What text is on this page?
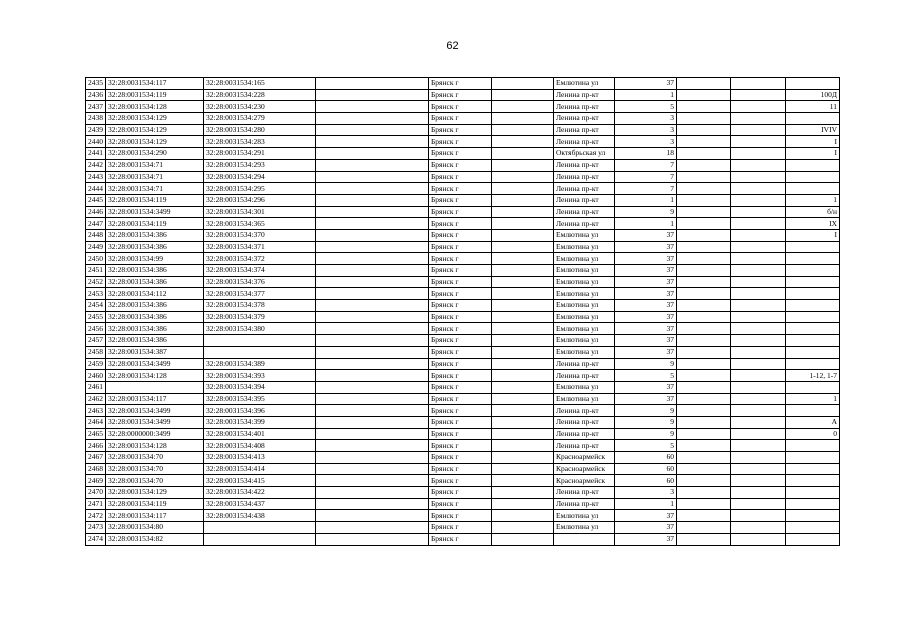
62
2435	32:28:0031534:117	32:28:0031534:165		Брянск г		Емлютина ул	37			
2436	32:28:0031534:119	32:28:0031534:228		Брянск г		Ленина пр-кт	1			100Д
2437	32:28:0031534:128	32:28:0031534:230		Брянск г		Ленина пр-кт	5			11
2438	32:28:0031534:129	32:28:0031534:279		Брянск г		Ленина пр-кт	3			
2439	32:28:0031534:129	32:28:0031534:280		Брянск г		Ленина пр-кт	3			IVIV
2440	32:28:0031534:129	32:28:0031534:283		Брянск г		Ленина пр-кт	3			I
2441	32:28:0031534:290	32:28:0031534:291		Брянск г		Октябрьская ул	18			I
2442	32:28:0031534:71	32:28:0031534:293		Брянск г		Ленина пр-кт	7			
2443	32:28:0031534:71	32:28:0031534:294		Брянск г		Ленина пр-кт	7			
2444	32:28:0031534:71	32:28:0031534:295		Брянск г		Ленина пр-кт	7			
2445	32:28:0031534:119	32:28:0031534:296		Брянск г		Ленина пр-кт	1			1
2446	32:28:0031534:3499	32:28:0031534:301		Брянск г		Ленина пр-кт	9			б/н
2447	32:28:0031534:119	32:28:0031534:365		Брянск г		Ленина пр-кт	1			IX
2448	32:28:0031534:386	32:28:0031534:370		Брянск г		Емлютина ул	37			I
2449	32:28:0031534:386	32:28:0031534:371		Брянск г		Емлютина ул	37			
2450	32:28:0031534:99	32:28:0031534:372		Брянск г		Емлютина ул	37			
2451	32:28:0031534:386	32:28:0031534:374		Брянск г		Емлютина ул	37			
2452	32:28:0031534:386	32:28:0031534:376		Брянск г		Емлютина ул	37			
2453	32:28:0031534:112	32:28:0031534:377		Брянск г		Емлютина ул	37			
2454	32:28:0031534:386	32:28:0031534:378		Брянск г		Емлютина ул	37			
2455	32:28:0031534:386	32:28:0031534:379		Брянск г		Емлютина ул	37			
2456	32:28:0031534:386	32:28:0031534:380		Брянск г		Емлютина ул	37			
2457	32:28:0031534:386			Брянск г		Емлютина ул	37			
2458	32:28:0031534:387			Брянск г		Емлютина ул	37			
2459	32:28:0031534:3499	32:28:0031534:389		Брянск г		Ленина пр-кт	9			
2460	32:28:0031534:128	32:28:0031534:393		Брянск г		Ленина пр-кт	5			1-12, 1-7
2461		32:28:0031534:394		Брянск г		Емлютина ул	37			
2462	32:28:0031534:117	32:28:0031534:395		Брянск г		Емлютина ул	37			1
2463	32:28:0031534:3499	32:28:0031534:396		Брянск г		Ленина пр-кт	9			
2464	32:28:0031534:3499	32:28:0031534:399		Брянск г		Ленина пр-кт	9			А
2465	32:28:0000000:3499	32:28:0031534:401		Брянск г		Ленина пр-кт	9			0
2466	32:28:0031534:128	32:28:0031534:408		Брянск г		Ленина пр-кт	5			
2467	32:28:0031534:70	32:28:0031534:413		Брянск г		Красноармейск	60			
2468	32:28:0031534:70	32:28:0031534:414		Брянск г		Красноармейск	60			
2469	32:28:0031534:70	32:28:0031534:415		Брянск г		Красноармейск	60			
2470	32:28:0031534:129	32:28:0031534:422		Брянск г		Ленина пр-кт	3			
2471	32:28:0031534:119	32:28:0031534:437		Брянск г		Ленина пр-кт	1			
2472	32:28:0031534:117	32:28:0031534:438		Брянск г		Емлютина ул	37			
2473	32:28:0031534:80			Брянск г		Емлютина ул	37			
2474	32:28:0031534:82			Брянск г			37			
